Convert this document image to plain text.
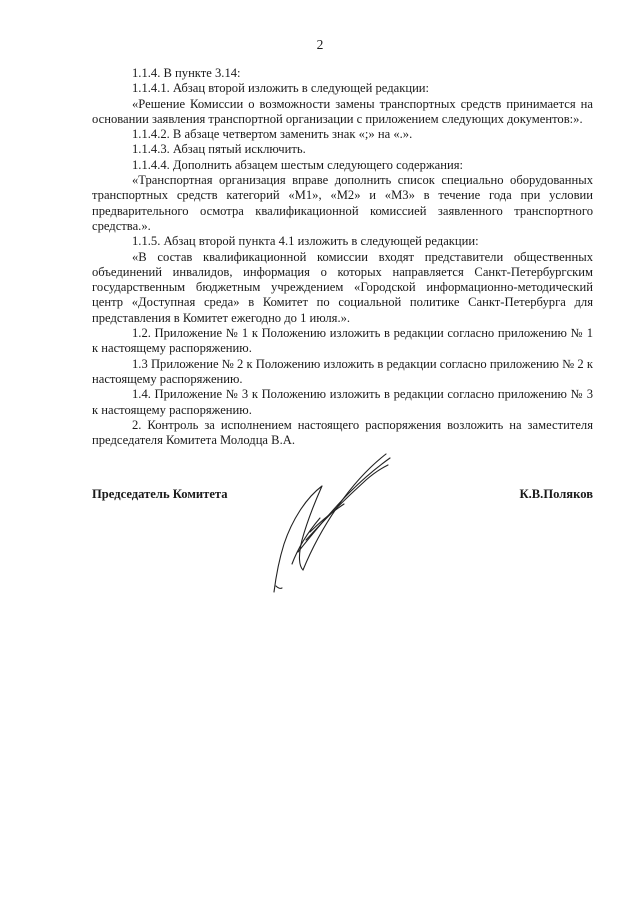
2

1.1.4. В пункте 3.14:

1.1.4.1. Абзац второй изложить в следующей редакции:

«Решение Комиссии о возможности замены транспортных средств принимается на основании заявления транспортной организации с приложением следующих документов:».

1.1.4.2. В абзаце четвертом заменить знак «;» на «.».

1.1.4.3. Абзац пятый исключить.

1.1.4.4. Дополнить абзацем шестым следующего содержания:

«Транспортная организация вправе дополнить список специально оборудованных транспортных средств категорий «М1», «М2» и «М3» в течение года при условии предварительного осмотра квалификационной комиссией заявленного транспортного средства.».

1.1.5. Абзац второй пункта 4.1 изложить в следующей редакции:

«В состав квалификационной комиссии входят представители общественных объединений инвалидов, информация о которых направляется Санкт-Петербургским государственным бюджетным учреждением «Городской информационно-методический центр «Доступная среда» в Комитет по социальной политике Санкт-Петербурга для представления в Комитет ежегодно до 1 июля.».

1.2. Приложение № 1 к Положению изложить в редакции согласно приложению № 1 к настоящему распоряжению.

1.3 Приложение № 2 к Положению изложить в редакции согласно приложению № 2 к настоящему распоряжению.

1.4. Приложение № 3 к Положению изложить в редакции согласно приложению № 3 к настоящему распоряжению.

2. Контроль за исполнением настоящего распоряжения возложить на заместителя председателя Комитета Молодца В.А.

Председатель Комитета	К.В.Поляков
